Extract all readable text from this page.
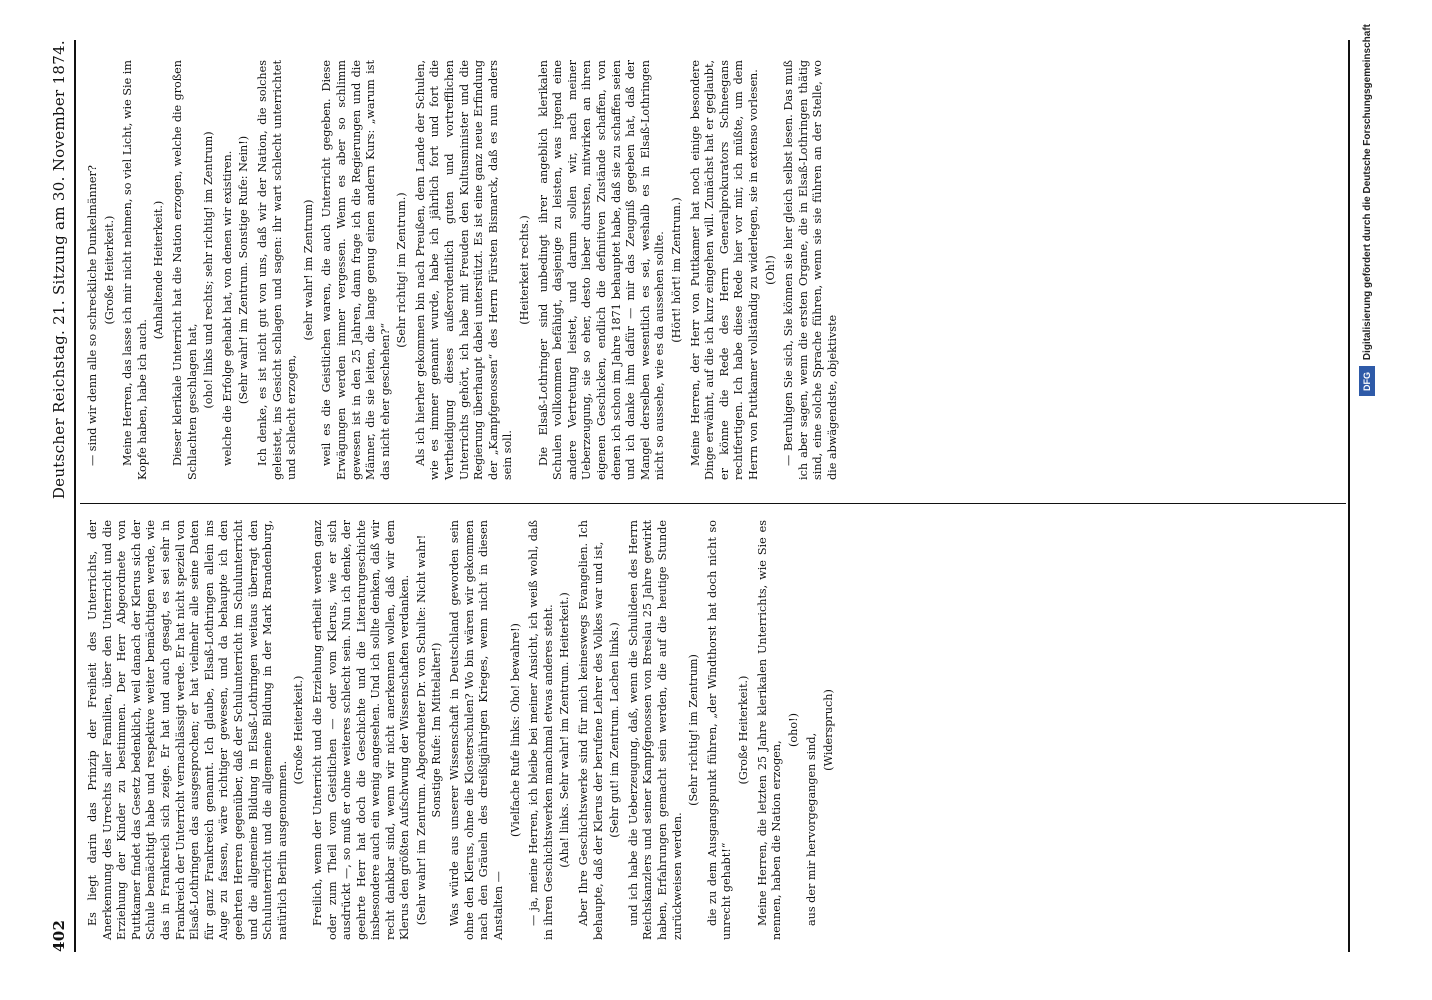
402
Deutscher Reichstag. 21. Sitzung am 30. November 1874.
Es liegt darin das Prinzip der Freiheit des Unterrichts, der Anerkennung des Urrechts aller Familien, über den Unterricht und die Erziehung der Kinder zu bestimmen. Der Herr Abgeordnete von Puttkamer findet das Gesetz bedenklich, weil danach der Klerus sich der Schule bemächtigt habe und respektive weiter bemächtigen werde, wie das in Frankreich sich zeige. Er hat und auch gesagt, es sei sehr in Frankreich der Unterricht vernachlässigt werde. Er hat nicht speziell von Elsaß-Lothringen das ausgesprochen; er hat vielmehr alle seine Daten für ganz Frankreich genannt. Ich glaube, Elsaß-Lothringen allein ins Auge zu fassen, wäre richtiger gewesen, und da behaupte ich den geehrten Herren gegenüber, daß der Schulunterricht im Schulunterricht und die allgemeine Bildung in Elsaß-Lothringen weitaus überragt den Schulunterricht und die allgemeine Bildung in der Mark Brandenburg, natürlich Berlin ausgenommen.
(Große Heiterkeit.) Freilich, wenn der Unterricht und die Erziehung ertheilt werden ganz oder zum Theil vom Geistlichen — oder vom Klerus, wie er sich ausdrückt —, so muß er ohne weiteres schlecht sein. Nun ich denke, der geehrte Herr hat doch die Geschichte und die Literaturgeschichte insbesondere auch ein wenig angesehen. Und ich sollte denken, daß wir recht dankbar sind, wenn wir nicht anerkennen wollen, daß wir dem Klerus den größten Aufschwung der Wissenschaften verdanken. (Sehr wahr! im Zentrum. Abgeordneter Dr. von Schulte: Nicht wahr! Sonstige Rufe: Im Mittelalter!) Was würde aus unserer Wissenschaft in Deutschland geworden sein ohne den Klerus, ohne die Klosterschulen? Wo bin wären wir gekommen nach den Gräueln des dreißigjährigen Krieges, wenn nicht in diesen Anstalten —
(Vielfache Rufe links: Oho! bewahre!) — ja, meine Herren, ich bleibe bei meiner Ansicht, ich weiß wohl, daß in ihren Geschichtswerken manchmal etwas anderes steht. (Aha! links. Sehr wahr! im Zentrum. Heiterkeit.) Aber Ihre Geschichtswerke sind für mich keineswegs Evangelien. Ich behaupte, daß der Klerus der berufene Lehrer des Volkes war und ist, (Sehr gut! im Zentrum. Lachen links.) und ich habe die Ueberzeugung, daß, wenn die Schulideen des Herrn Reichskanzlers und seiner Kampfgenossen von Breslau 25 Jahre gewirkt haben, Erfahrungen gemacht sein werden, die auf die heutige Stunde zurückweisen werden.
(Sehr richtig! im Zentrum) die zu dem Ausgangspunkt führen, „der Windthorst hat doch nicht so unrecht gehabt!“
(Große Heiterkeit.) Meine Herren, die letzten 25 Jahre klerikalen Unterrichts, wie Sie es nennen, haben die Nation erzogen,
(oho!)
aus der mir hervorgegangen sind,
(Widerspruch)
— sind wir denn alle so schreckliche Dunkelmänner? (Große Heiterkeit.) Meine Herren, das lasse ich mir nicht nehmen, so viel Licht, wie Sie im Kopfe haben, habe ich auch.
(Anhaltende Heiterkeit.) Dieser klerikale Unterricht hat die Nation erzogen, welche die großen Schlachten geschlagen hat, (oho! links und rechts; sehr richtig! im Zentrum) welche die Erfolge gehabt hat, von denen wir existiren. (Sehr wahr! im Zentrum. Sonstige Rufe: Nein!) Ich denke, es ist nicht gut von uns, daß wir der Nation, die solches geleistet, ins Gesicht schlagen und sagen: ihr wart schlecht unterrichtet und schlecht erzogen,
(sehr wahr! im Zentrum) weil es die Geistlichen waren, die auch Unterricht gegeben. Diese Erwägungen werden immer vergessen. Wenn es aber so schlimm gewesen ist in den 25 Jahren, dann frage ich die Regierungen und die Männer, die sie leiten, die lange genug einen andern Kurs: „warum ist das nicht eher geschehen?“
(Sehr richtig! im Zentrum.) Als ich hierher gekommen bin nach Preußen, dem Lande der Schulen, wie es immer genannt wurde, habe ich jährlich fort und fort die Vertheidigung dieses außerordentlich guten und vortrefflichen Unterrichts gehört, ich habe mit Freuden den Kultusminister und die Regierung überhaupt dabei unterstützt. Es ist eine ganz neue Erfindung der „Kampfgenossen“ des Herrn Fürsten Bismarck, daß es nun anders sein soll.
(Heiterkeit rechts.) Die Elsaß-Lothringer sind unbedingt ihrer angeblich klerikalen Schulen vollkommen befähigt, dasjenige zu leisten, was irgend eine andere Vertretung leistet, und darum sollen wir, nach meiner Ueberzeugung, sie so eher, desto lieber dursten, mitwirken an ihren eigenen Geschicken, endlich die definitiven Zustände schaffen, von denen ich schon im Jahre 1871 behauptet habe, daß sie zu schaffen seien und ich danke ihm dafür — mir das Zeugniß gegeben hat, daß der Mangel derselben wesentlich es sei, weshalb es in Elsaß-Lothringen nicht so aussehe, wie es da aussehen sollte. (Hört! hört! im Zentrum.) Meine Herren, der Herr von Puttkamer hat noch einige besondere Dinge erwähnt, auf die ich kurz eingehen will. Zunächst hat er geglaubt, er könne die Rede des Herrn Generalprokurators Schneegans rechtfertigen. Ich habe diese Rede hier vor mir, ich müßte, um dem Herrn von Puttkamer vollständig zu widerlegen, sie in extenso vorlesen. (Oh!) — Beruhigen Sie sich, Sie können sie hier gleich selbst lesen. Das muß ich aber sagen, wenn die ersten Organe, die in Elsaß-Lothringen thätig sind, eine solche Sprache führen, wenn sie sie führen an der Stelle, wo die abwägendste, objektivste
Digitalisierung gefördert durch die Deutsche Forschungsgemeinschaft
DFG
